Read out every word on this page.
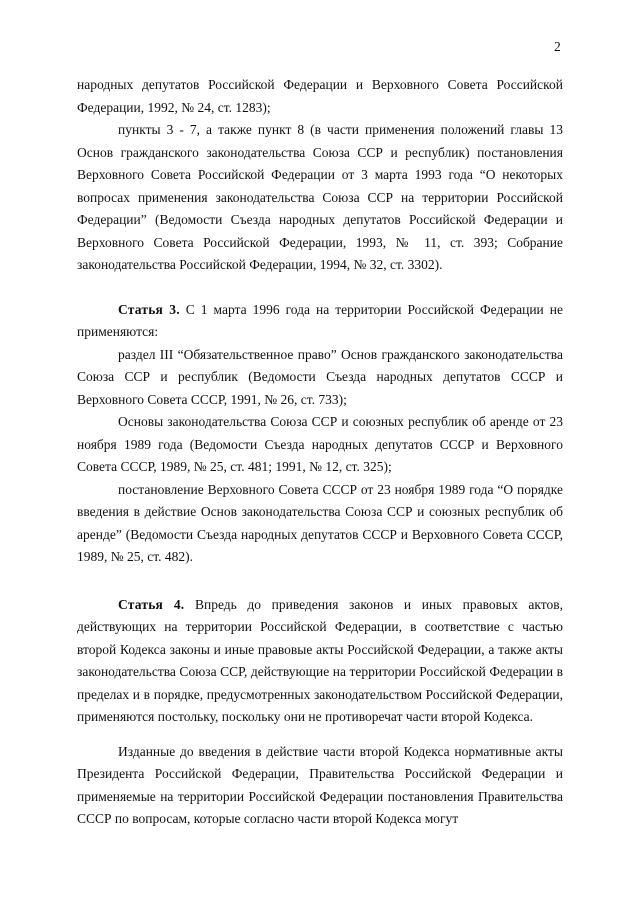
2

народных депутатов Российской Федерации и Верховного Совета Российской Федерации, 1992, № 24, ст. 1283);

пункты 3 - 7, а также пункт 8 (в части применения положений главы 13 Основ гражданского законодательства Союза ССР и республик) постановления Верховного Совета Российской Федерации от 3 марта 1993 года “О некоторых вопросах применения законодательства Союза ССР на территории Российской Федерации” (Ведомости Съезда народных депутатов Российской Федерации и Верховного Совета Российской Федерации, 1993, № 11, ст. 393; Собрание законодательства Российской Федерации, 1994, № 32, ст. 3302).

Статья 3. С 1 марта 1996 года на территории Российской Федерации не применяются:

раздел III “Обязательственное право” Основ гражданского законодательства Союза ССР и республик (Ведомости Съезда народных депутатов СССР и Верховного Совета СССР, 1991, № 26, ст. 733);

Основы законодательства Союза ССР и союзных республик об аренде от 23 ноября 1989 года (Ведомости Съезда народных депутатов СССР и Верховного Совета СССР, 1989, № 25, ст. 481; 1991, № 12, ст. 325);

постановление Верховного Совета СССР от 23 ноября 1989 года “О порядке введения в действие Основ законодательства Союза ССР и союзных республик об аренде” (Ведомости Съезда народных депутатов СССР и Верховного Совета СССР, 1989, № 25, ст. 482).

Статья 4. Впредь до приведения законов и иных правовых актов, действующих на территории Российской Федерации, в соответствие с частью второй Кодекса законы и иные правовые акты Российской Федерации, а также акты законодательства Союза ССР, действующие на территории Российской Федерации в пределах и в порядке, предусмотренных законодательством Российской Федерации, применяются постольку, поскольку они не противоречат части второй Кодекса.

Изданные до введения в действие части второй Кодекса нормативные акты Президента Российской Федерации, Правительства Российской Федерации и применяемые на территории Российской Федерации постановления Правительства СССР по вопросам, которые согласно части второй Кодекса могут
